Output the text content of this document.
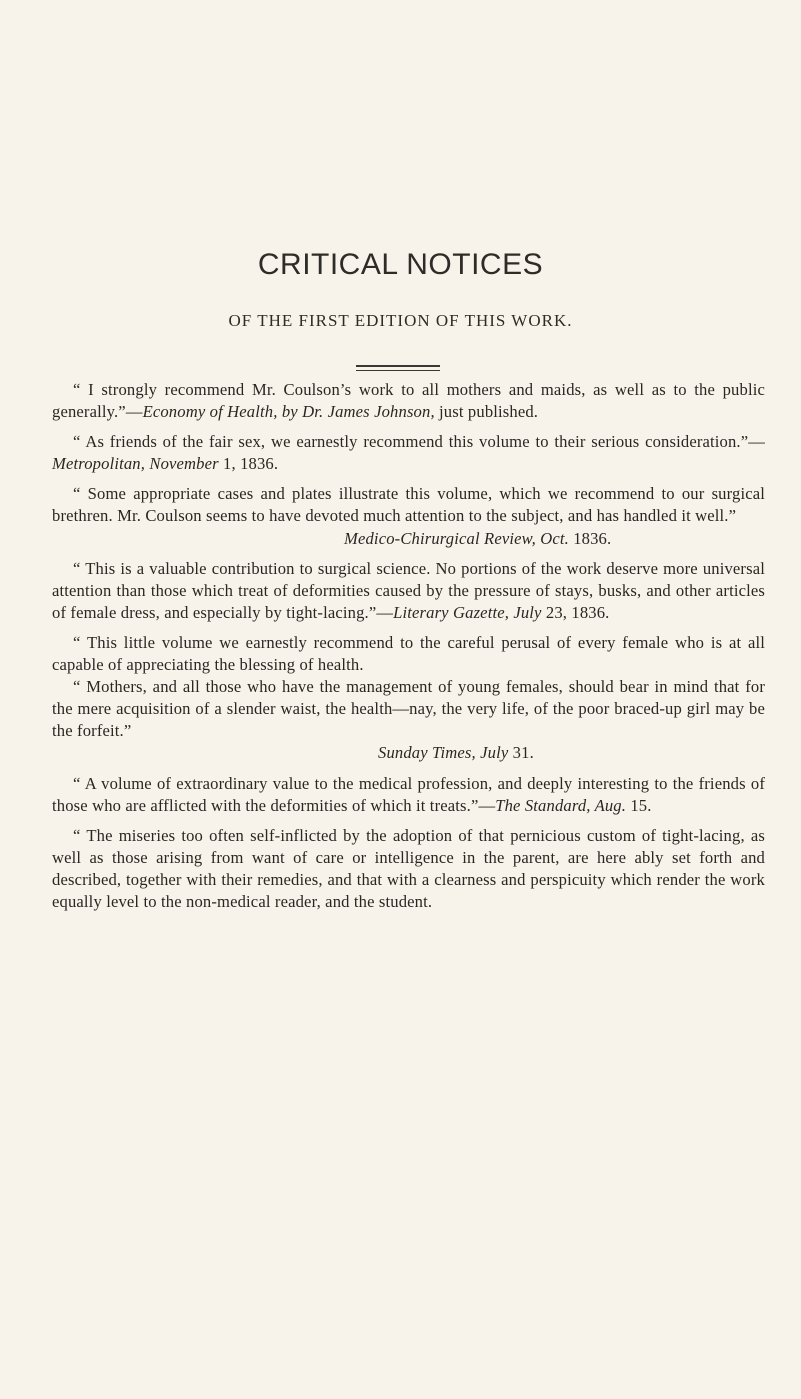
CRITICAL NOTICES
OF THE FIRST EDITION OF THIS WORK.

“ I strongly recommend Mr. Coulson’s work to all mothers and maids, as well as to the public generally.”—Economy of Health, by Dr. James Johnson, just published.

“ As friends of the fair sex, we earnestly recommend this volume to their serious consideration.”—Metropolitan, November 1, 1836.

“ Some appropriate cases and plates illustrate this volume, which we recommend to our surgical brethren. Mr. Coulson seems to have devoted much attention to the subject, and has handled it well.”

Medico-Chirurgical Review, Oct. 1836.

“ This is a valuable contribution to surgical science. No portions of the work deserve more universal attention than those which treat of deformities caused by the pressure of stays, busks, and other articles of female dress, and especially by tight-lacing.”—Literary Gazette, July 23, 1836.

“ This little volume we earnestly recommend to the careful perusal of every female who is at all capable of appreciating the blessing of health.

“ Mothers, and all those who have the management of young females, should bear in mind that for the mere acquisition of a slender waist, the health—nay, the very life, of the poor braced-up girl may be the forfeit.”

Sunday Times, July 31.

“ A volume of extraordinary value to the medical profession, and deeply interesting to the friends of those who are afflicted with the deformities of which it treats.”—The Standard, Aug. 15.

“ The miseries too often self-inflicted by the adoption of that pernicious custom of tight-lacing, as well as those arising from want of care or intelligence in the parent, are here ably set forth and described, together with their remedies, and that with a clearness and perspicuity which render the work equally level to the non-medical reader, and the student.
